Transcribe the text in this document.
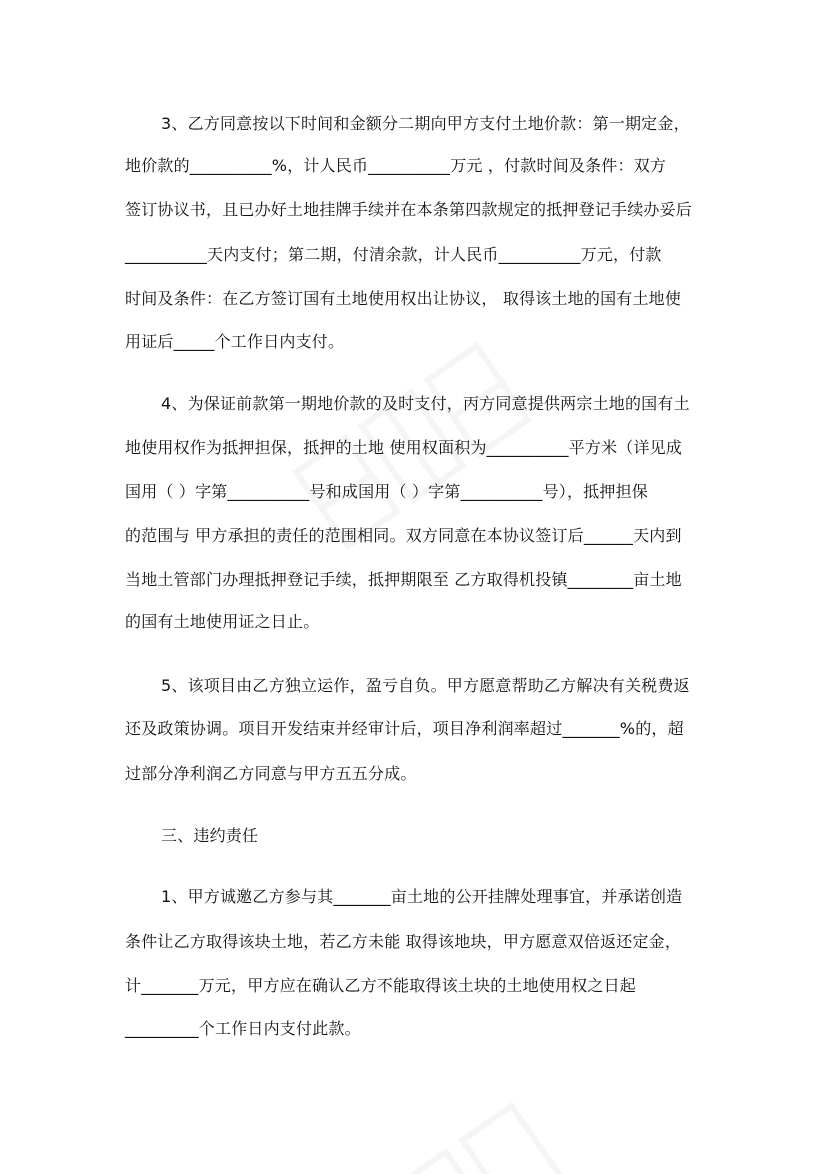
3、乙方同意按以下时间和金额分二期向甲方支付土地价款：第一期定金，
地价款的__________%，计人民币__________万元 ，付款时间及条件：双方
签订协议书，且已办好土地挂牌手续并在本条第四款规定的抵押登记手续办妥后
__________天内支付；第二期，付清余款，计人民币__________万元，付款
时间及条件：在乙方签订国有土地使用权出让协议， 取得该土地的国有土地使
用证后_____个工作日内支付。
4、为保证前款第一期地价款的及时支付，丙方同意提供两宗土地的国有土
地使用权作为抵押担保，抵押的土地 使用权面积为__________平方米（详见成
国用（ ）字第__________号和成国用（ ）字第__________号），抵押担保
的范围与 甲方承担的责任的范围相同。双方同意在本协议签订后______天内到
当地土管部门办理抵押登记手续，抵押期限至 乙方取得机投镇________亩土地
的国有土地使用证之日止。
5、该项目由乙方独立运作，盈亏自负。甲方愿意帮助乙方解决有关税费返
还及政策协调。项目开发结束并经审计后，项目净利润率超过_______%的，超
过部分净利润乙方同意与甲方五五分成。
三、违约责任
1、甲方诚邀乙方参与其_______亩土地的公开挂牌处理事宜，并承诺创造
条件让乙方取得该块土地，若乙方未能 取得该地块，甲方愿意双倍返还定金，
计_______万元，甲方应在确认乙方不能取得该土块的土地使用权之日起
_________个工作日内支付此款。
